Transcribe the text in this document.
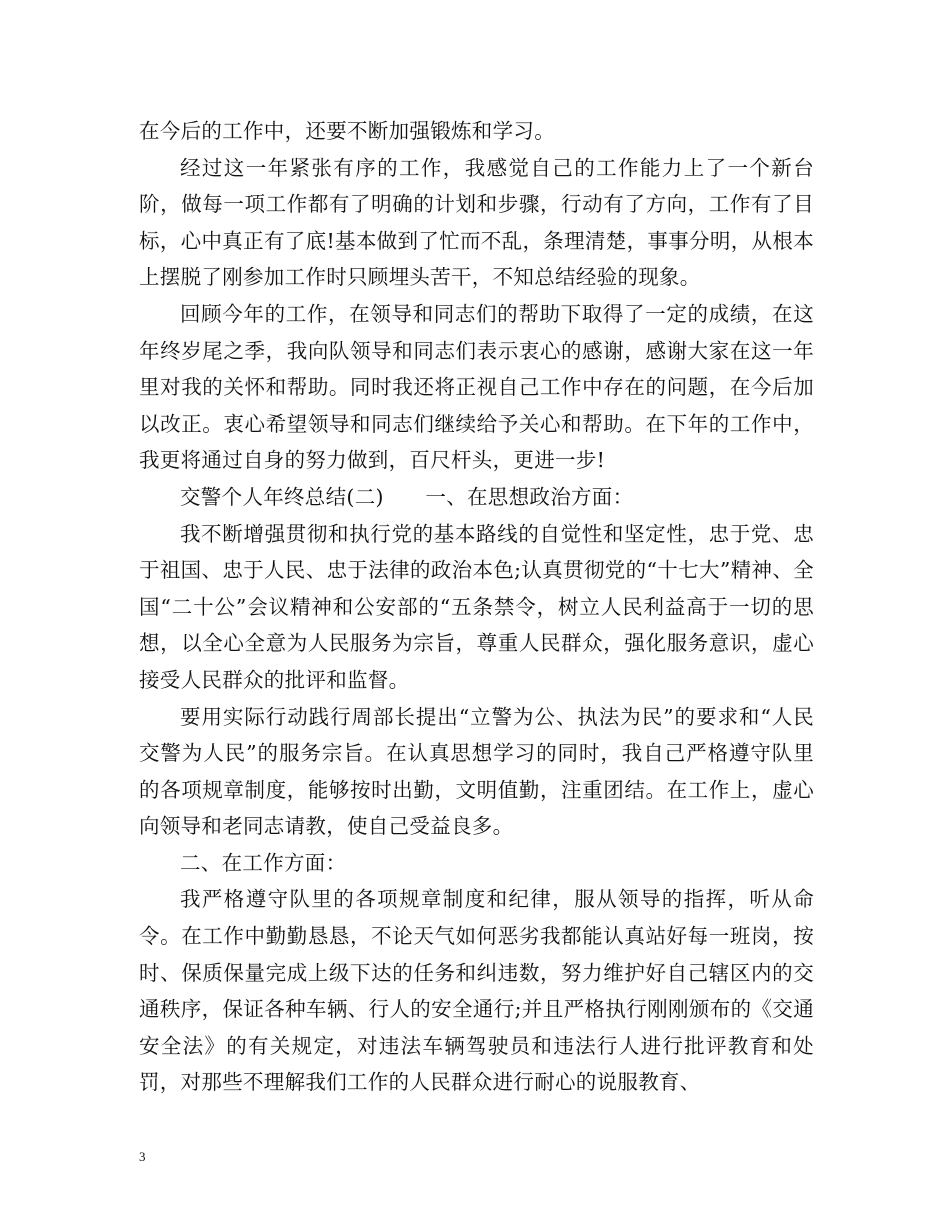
在今后的工作中，还要不断加强锻炼和学习。

经过这一年紧张有序的工作，我感觉自己的工作能力上了一个新台阶，做每一项工作都有了明确的计划和步骤，行动有了方向，工作有了目标，心中真正有了底!基本做到了忙而不乱，条理清楚，事事分明，从根本上摆脱了刚参加工作时只顾埋头苦干，不知总结经验的现象。

回顾今年的工作，在领导和同志们的帮助下取得了一定的成绩，在这年终岁尾之季，我向队领导和同志们表示衷心的感谢，感谢大家在这一年里对我的关怀和帮助。同时我还将正视自己工作中存在的问题，在今后加以改正。衷心希望领导和同志们继续给予关心和帮助。在下年的工作中，我更将通过自身的努力做到，百尺杆头，更进一步!

交警个人年终总结(二)　　一、在思想政治方面：

我不断增强贯彻和执行党的基本路线的自觉性和坚定性，忠于党、忠于祖国、忠于人民、忠于法律的政治本色;认真贯彻党的“十七大”精神、全国“二十公”会议精神和公安部的“五条禁令，树立人民利益高于一切的思想，以全心全意为人民服务为宗旨，尊重人民群众，强化服务意识，虚心接受人民群众的批评和监督。

要用实际行动践行周部长提出“立警为公、执法为民”的要求和“人民交警为人民”的服务宗旨。在认真思想学习的同时，我自己严格遵守队里的各项规章制度，能够按时出勤，文明值勤，注重团结。在工作上，虚心向领导和老同志请教，使自己受益良多。

二、在工作方面：

我严格遵守队里的各项规章制度和纪律，服从领导的指挥，听从命令。在工作中勤勤恳恳，不论天气如何恶劣我都能认真站好每一班岗，按时、保质保量完成上级下达的任务和纠违数，努力维护好自己辖区内的交通秩序，保证各种车辆、行人的安全通行;并且严格执行刚刚颁布的《交通安全法》的有关规定，对违法车辆驾驶员和违法行人进行批评教育和处罚，对那些不理解我们工作的人民群众进行耐心的说服教育、

3
